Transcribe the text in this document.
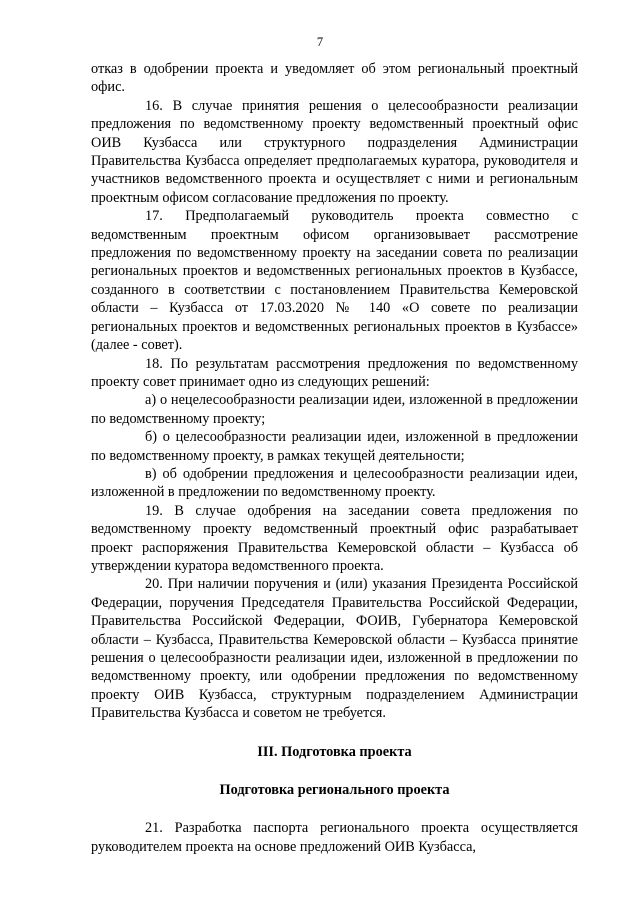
7

отказ в одобрении проекта и уведомляет об этом региональный проектный офис.

16. В случае принятия решения о целесообразности реализации предложения по ведомственному проекту ведомственный проектный офис ОИВ Кузбасса или структурного подразделения Администрации Правительства Кузбасса определяет предполагаемых куратора, руководителя и участников ведомственного проекта и осуществляет с ними и региональным проектным офисом согласование предложения по проекту.

17. Предполагаемый руководитель проекта совместно с ведомственным проектным офисом организовывает рассмотрение предложения по ведомственному проекту на заседании совета по реализации региональных проектов и ведомственных региональных проектов в Кузбассе, созданного в соответствии с постановлением Правительства Кемеровской области – Кузбасса от 17.03.2020 № 140 «О совете по реализации региональных проектов и ведомственных региональных проектов в Кузбассе» (далее - совет).

18. По результатам рассмотрения предложения по ведомственному проекту совет принимает одно из следующих решений:

а) о нецелесообразности реализации идеи, изложенной в предложении по ведомственному проекту;

б) о целесообразности реализации идеи, изложенной в предложении по ведомственному проекту, в рамках текущей деятельности;

в) об одобрении предложения и целесообразности реализации идеи, изложенной в предложении по ведомственному проекту.

19. В случае одобрения на заседании совета предложения по ведомственному проекту ведомственный проектный офис разрабатывает проект распоряжения Правительства Кемеровской области – Кузбасса об утверждении куратора ведомственного проекта.

20. При наличии поручения и (или) указания Президента Российской Федерации, поручения Председателя Правительства Российской Федерации, Правительства Российской Федерации, ФОИВ, Губернатора Кемеровской области – Кузбасса, Правительства Кемеровской области – Кузбасса принятие решения о целесообразности реализации идеи, изложенной в предложении по ведомственному проекту, или одобрении предложения по ведомственному проекту ОИВ Кузбасса, структурным подразделением Администрации Правительства Кузбасса и советом не требуется.

III. Подготовка проекта

Подготовка регионального проекта

21. Разработка паспорта регионального проекта осуществляется руководителем проекта на основе предложений ОИВ Кузбасса,
